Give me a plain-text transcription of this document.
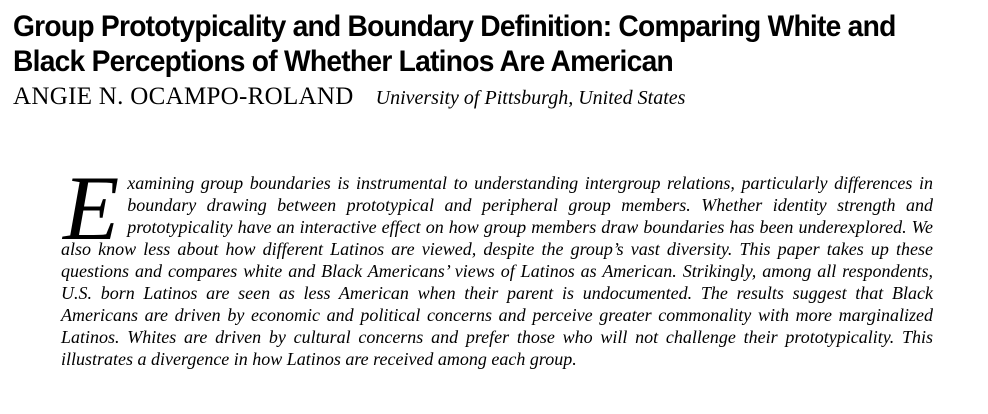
Group Prototypicality and Boundary Definition: Comparing White and Black Perceptions of Whether Latinos Are American
ANGIE N. OCAMPO-ROLAND University of Pittsburgh, United States

Examining group boundaries is instrumental to understanding intergroup relations, particularly differences in boundary drawing between prototypical and peripheral group members. Whether identity strength and prototypicality have an interactive effect on how group members draw boundaries has been underexplored. We also know less about how different Latinos are viewed, despite the group’s vast diversity. This paper takes up these questions and compares white and Black Americans’ views of Latinos as American. Strikingly, among all respondents, U.S. born Latinos are seen as less American when their parent is undocumented. The results suggest that Black Americans are driven by economic and political concerns and perceive greater commonality with more marginalized Latinos. Whites are driven by cultural concerns and prefer those who will not challenge their prototypicality. This illustrates a divergence in how Latinos are received among each group.
